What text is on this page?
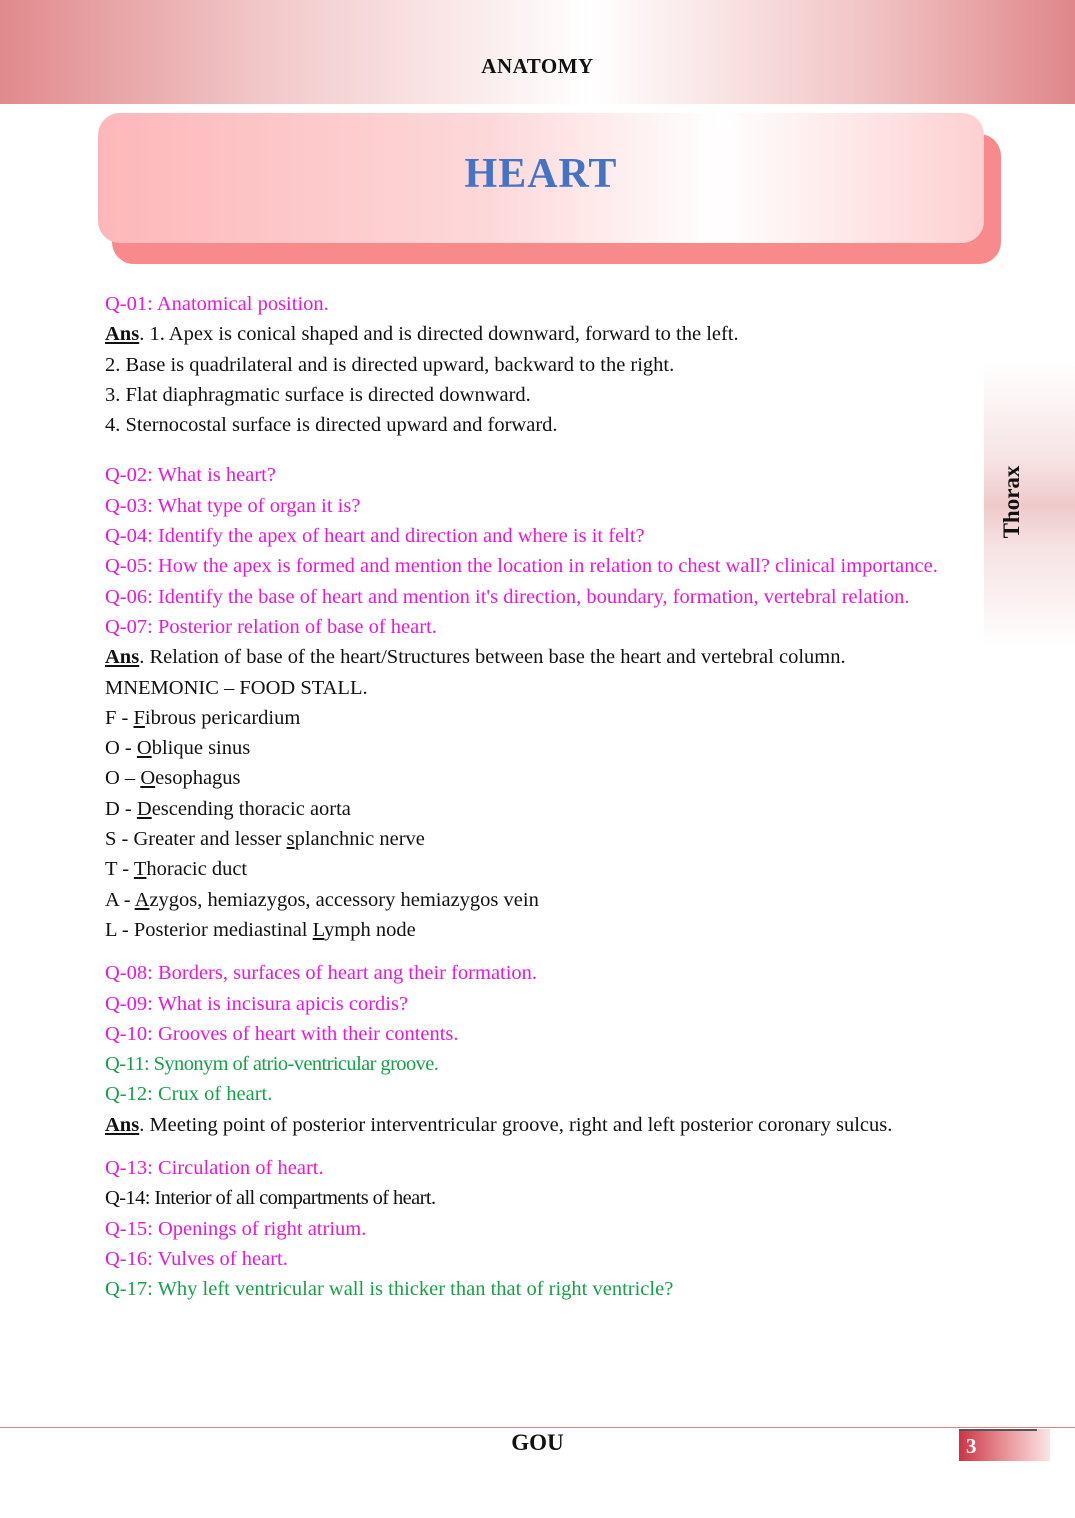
ANATOMY
HEART
Thorax

Q-01: Anatomical position.

Ans. 1. Apex is conical shaped and is directed downward, forward to the left.

2. Base is quadrilateral and is directed upward, backward to the right.

3. Flat diaphragmatic surface is directed downward.

4. Sternocostal surface is directed upward and forward.

Q-02: What is heart?

Q-03: What type of organ it is?

Q-04: Identify the apex of heart and direction and where is it felt?

Q-05: How the apex is formed and mention the location in relation to chest wall? clinical importance.

Q-06: Identify the base of heart and mention it's direction, boundary, formation, vertebral relation.

Q-07: Posterior relation of base of heart.

Ans. Relation of base of the heart/Structures between base the heart and vertebral column.

MNEMONIC – FOOD STALL.

F - Fibrous pericardium

O - Oblique sinus

O – Oesophagus

D - Descending thoracic aorta

S - Greater and lesser splanchnic nerve

T - Thoracic duct

A - Azygos, hemiazygos, accessory hemiazygos vein

L - Posterior mediastinal Lymph node

Q-08: Borders, surfaces of heart ang their formation.

Q-09: What is incisura apicis cordis?

Q-10: Grooves of heart with their contents.

Q-11: Synonym of atrio-ventricular groove.

Q-12: Crux of heart.

Ans. Meeting point of posterior interventricular groove, right and left posterior coronary sulcus.

Q-13: Circulation of heart.

Q-14: Interior of all compartments of heart.

Q-15: Openings of right atrium.

Q-16: Vulves of heart.

Q-17: Why left ventricular wall is thicker than that of right ventricle?

GOU	3
